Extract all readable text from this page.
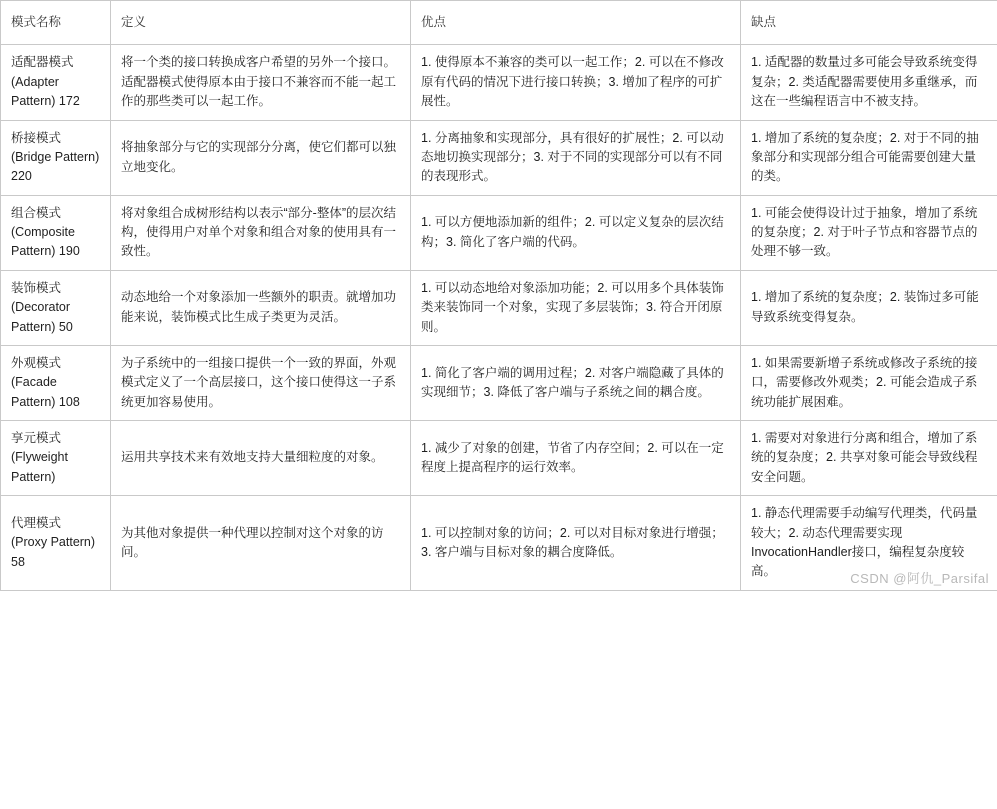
模式名称	定义	优点	缺点
适配器模式 (Adapter Pattern) 172	将一个类的接口转换成客户希望的另外一个接口。适配器模式使得原本由于接口不兼容而不能一起工作的那些类可以一起工作。	1. 使得原本不兼容的类可以一起工作；2. 可以在不修改原有代码的情况下进行接口转换；3. 增加了程序的可扩展性。	1. 适配器的数量过多可能会导致系统变得复杂；2. 类适配器需要使用多重继承，而这在一些编程语言中不被支持。
桥接模式 (Bridge Pattern) 220	将抽象部分与它的实现部分分离，使它们都可以独立地变化。	1. 分离抽象和实现部分，具有很好的扩展性；2. 可以动态地切换实现部分；3. 对于不同的实现部分可以有不同的表现形式。	1. 增加了系统的复杂度；2. 对于不同的抽象部分和实现部分组合可能需要创建大量的类。
组合模式 (Composite Pattern) 190	将对象组合成树形结构以表示“部分-整体”的层次结构，使得用户对单个对象和组合对象的使用具有一致性。	1. 可以方便地添加新的组件；2. 可以定义复杂的层次结构；3. 简化了客户端的代码。	1. 可能会使得设计过于抽象，增加了系统的复杂度；2. 对于叶子节点和容器节点的处理不够一致。
装饰模式 (Decorator Pattern) 50	动态地给一个对象添加一些额外的职责。就增加功能来说，装饰模式比生成子类更为灵活。	1. 可以动态地给对象添加功能；2. 可以用多个具体装饰类来装饰同一个对象，实现了多层装饰；3. 符合开闭原则。	1. 增加了系统的复杂度；2. 装饰过多可能导致系统变得复杂。
外观模式 (Facade Pattern) 108	为子系统中的一组接口提供一个一致的界面，外观模式定义了一个高层接口，这个接口使得这一子系统更加容易使用。	1. 简化了客户端的调用过程；2. 对客户端隐藏了具体的实现细节；3. 降低了客户端与子系统之间的耦合度。	1. 如果需要新增子系统或修改子系统的接口，需要修改外观类；2. 可能会造成子系统功能扩展困难。
享元模式 (Flyweight Pattern)	运用共享技术来有效地支持大量细粒度的对象。	1. 减少了对象的创建，节省了内存空间；2. 可以在一定程度上提高程序的运行效率。	1. 需要对对象进行分离和组合，增加了系统的复杂度；2. 共享对象可能会导致线程安全问题。
代理模式 (Proxy Pattern) 58	为其他对象提供一种代理以控制对这个对象的访问。	1. 可以控制对象的访问；2. 可以对目标对象进行增强；3. 客户端与目标对象的耦合度降低。	1. 静态代理需要手动编写代理类，代码量较大；2. 动态代理需要实现InvocationHandler接口，编程复杂度较高。	CSDN @阿仇_Parsifal
